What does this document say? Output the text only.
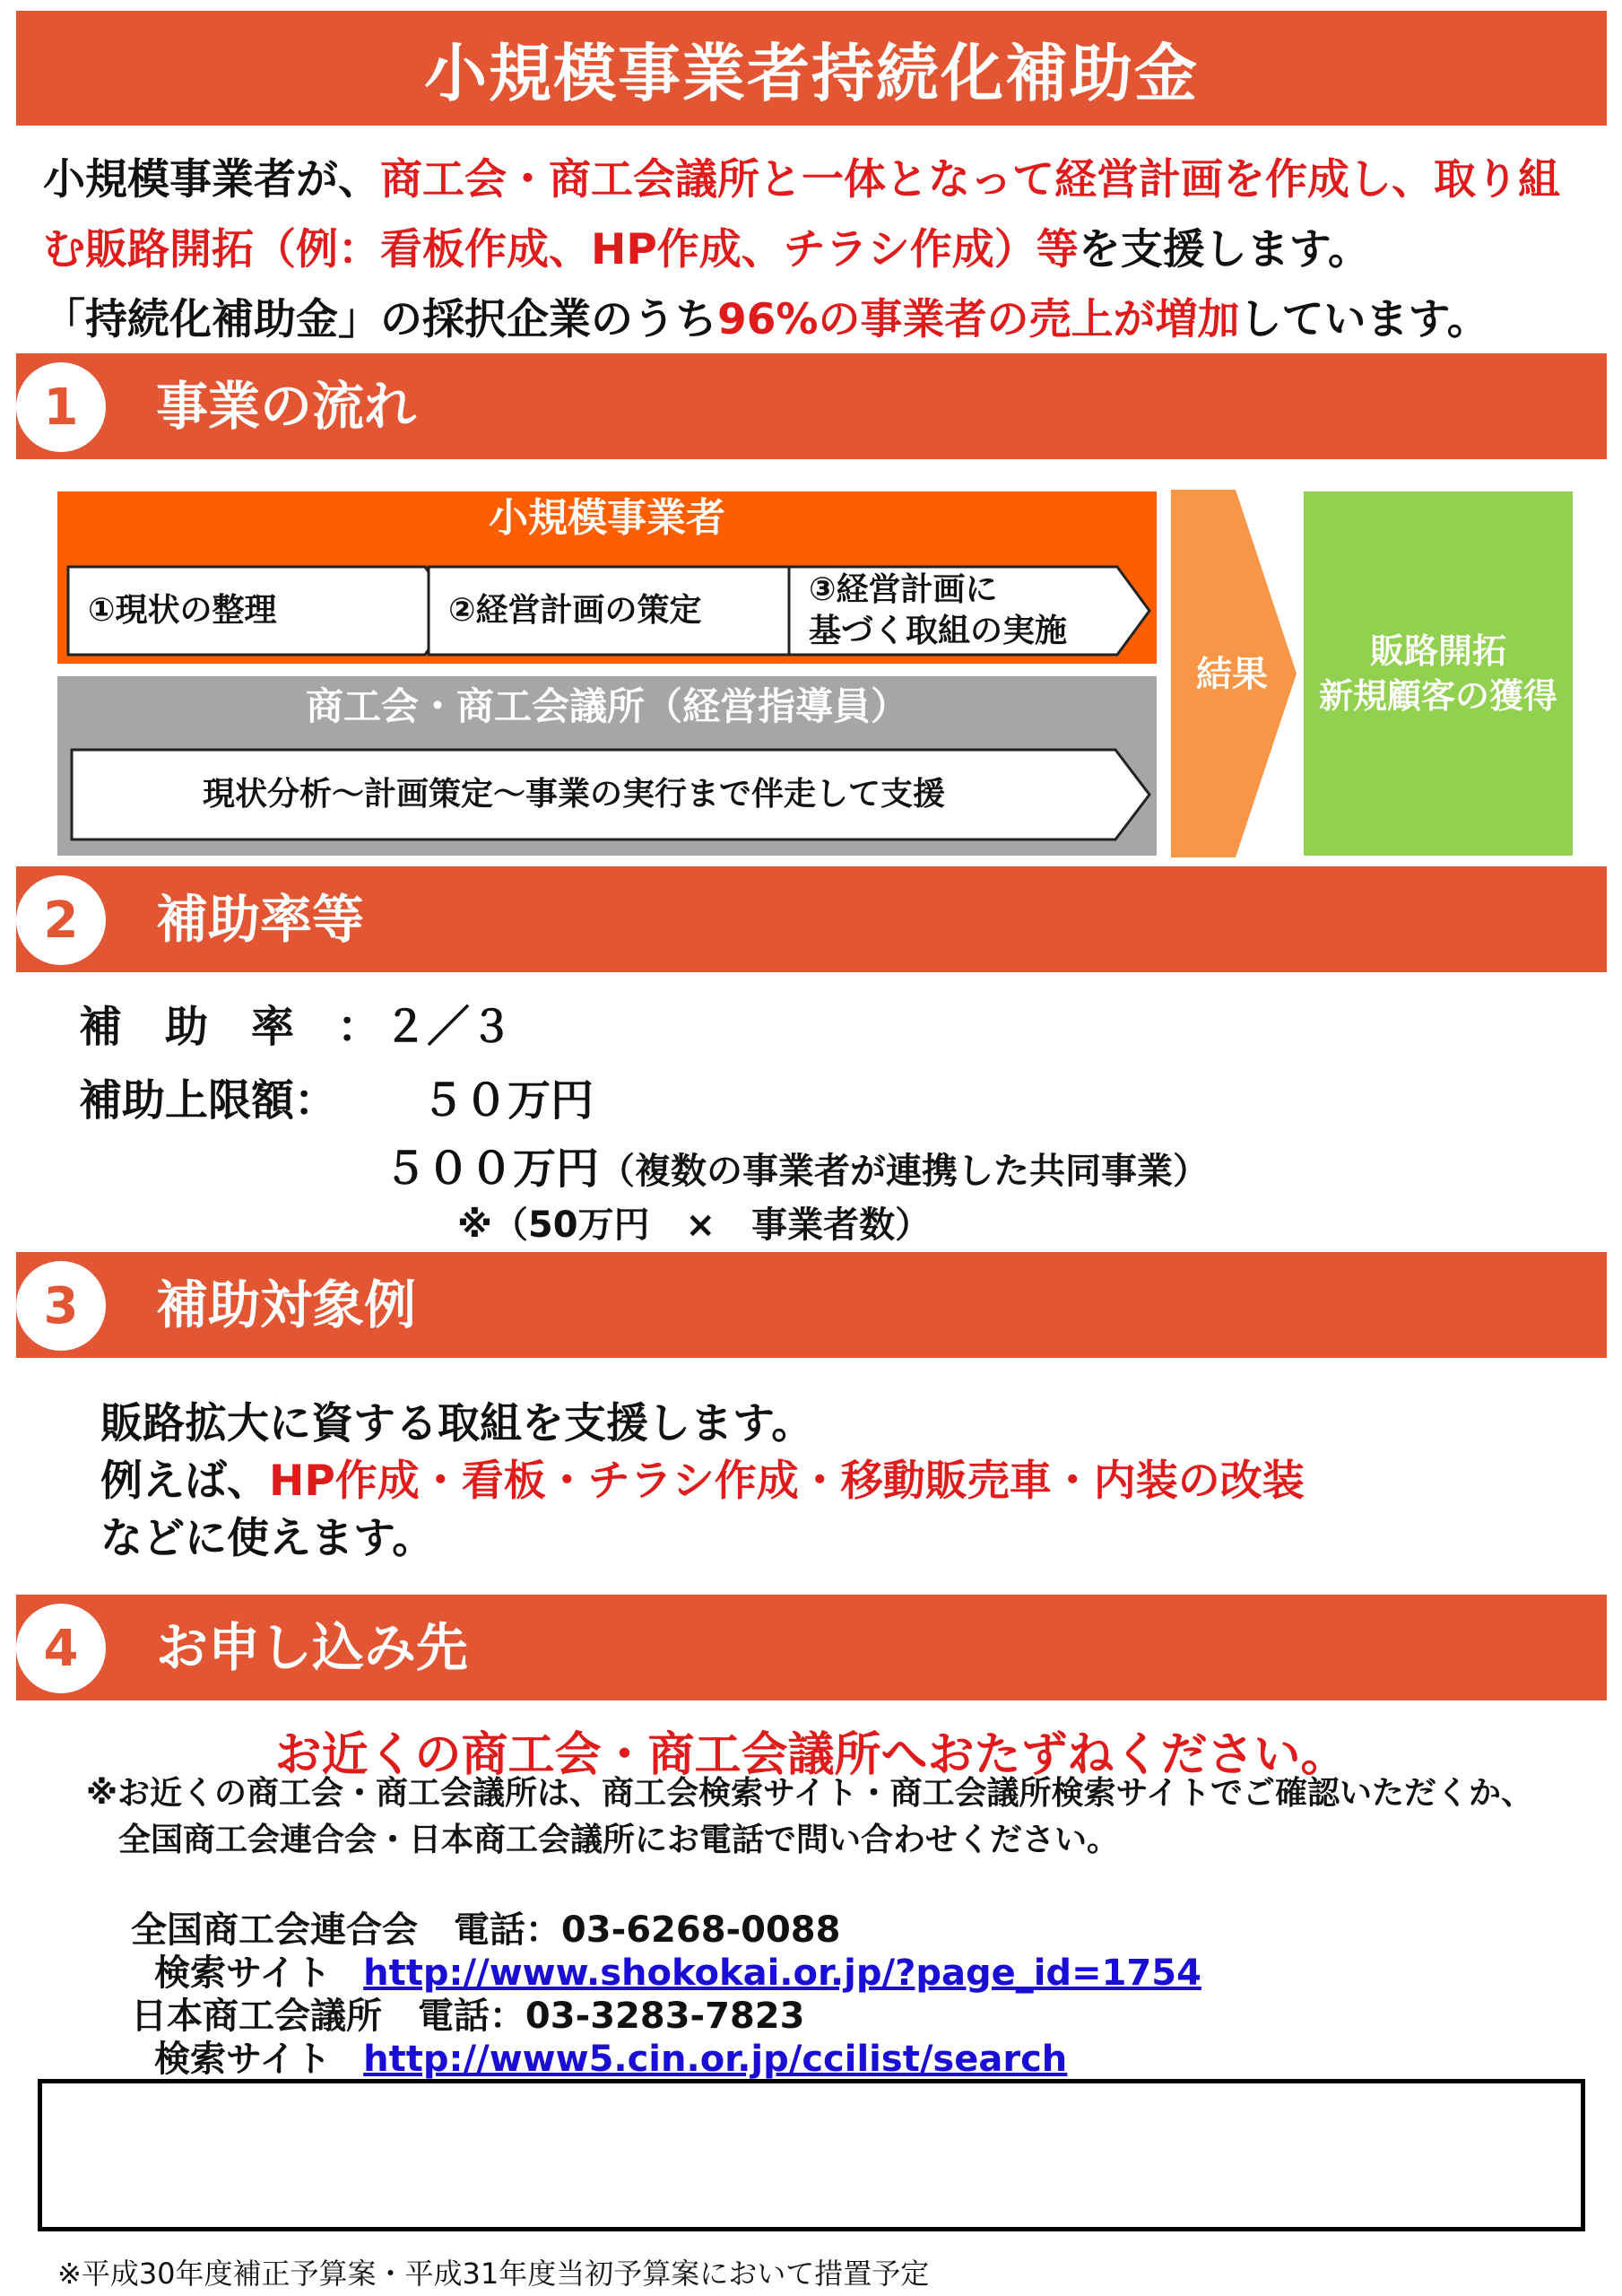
小規模事業者持続化補助金

小規模事業者が、商工会・商工会議所と一体となって経営計画を作成し、取り組

む販路開拓（例：看板作成、HP作成、チラシ作成）等を支援します。

「持続化補助金」の採択企業のうち96%の事業者の売上が増加しています。

1	事業の流れ
小規模事業者
①現状の整理	②経営計画の策定
③経営計画に
基づく取組の実施
商工会・商工会議所（経営指導員）
現状分析～計画策定～事業の実行まで伴走して支援
結果
販路開拓
新規顧客の獲得
2	補助率等
補　助　率　： ２／３
補助上限額： ５０万円
５００万円（複数の事業者が連携した共同事業）
※（50万円　×　事業者数）
3	補助対象例

販路拡大に資する取組を支援します。

例えば、HP作成・看板・チラシ作成・移動販売車・内装の改装

などに使えます。

4	お申し込み先
お近くの商工会・商工会議所へおたずねください。

※お近くの商工会・商工会議所は、商工会検索サイト・商工会議所検索サイトでご確認いただくか、

全国商工会連合会・日本商工会議所にお電話で問い合わせください。

全国商工会連合会 電話：03-6268-0088
検索サイト http://www.shokokai.or.jp/?page_id=1754
日本商工会議所 電話：03-3283-7823
検索サイト http://www5.cin.or.jp/ccilist/search
※平成30年度補正予算案・平成31年度当初予算案において措置予定
